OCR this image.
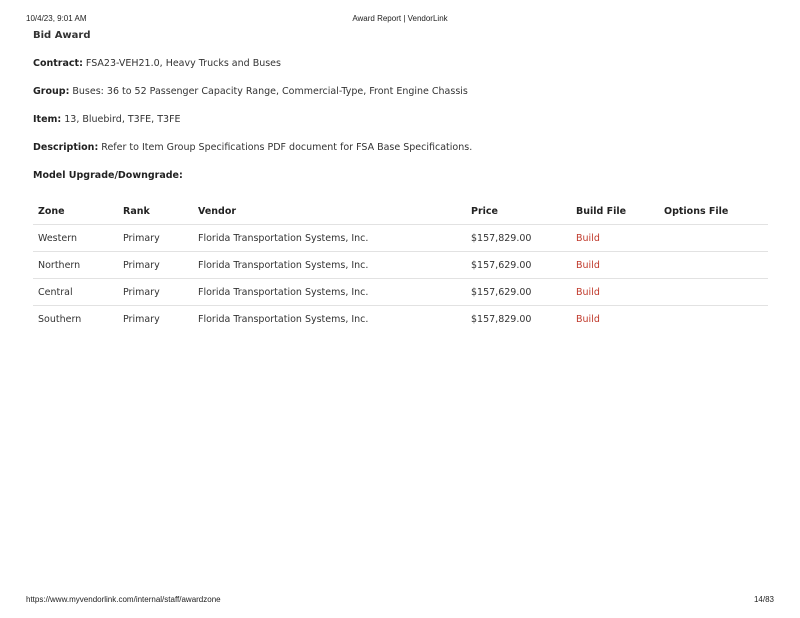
10/4/23, 9:01 AM	Award Report | VendorLink
Bid Award
Contract: FSA23-VEH21.0, Heavy Trucks and Buses
Group: Buses: 36 to 52 Passenger Capacity Range, Commercial-Type, Front Engine Chassis
Item: 13, Bluebird, T3FE, T3FE
Description: Refer to Item Group Specifications PDF document for FSA Base Specifications.
Model Upgrade/Downgrade:
Zone	Rank	Vendor	Price	Build File	Options File
Western	Primary	Florida Transportation Systems, Inc.	$157,829.00	Build	
Northern	Primary	Florida Transportation Systems, Inc.	$157,629.00	Build	
Central	Primary	Florida Transportation Systems, Inc.	$157,629.00	Build	
Southern	Primary	Florida Transportation Systems, Inc.	$157,829.00	Build	
https://www.myvendorlink.com/internal/staff/awardzone	14/83
